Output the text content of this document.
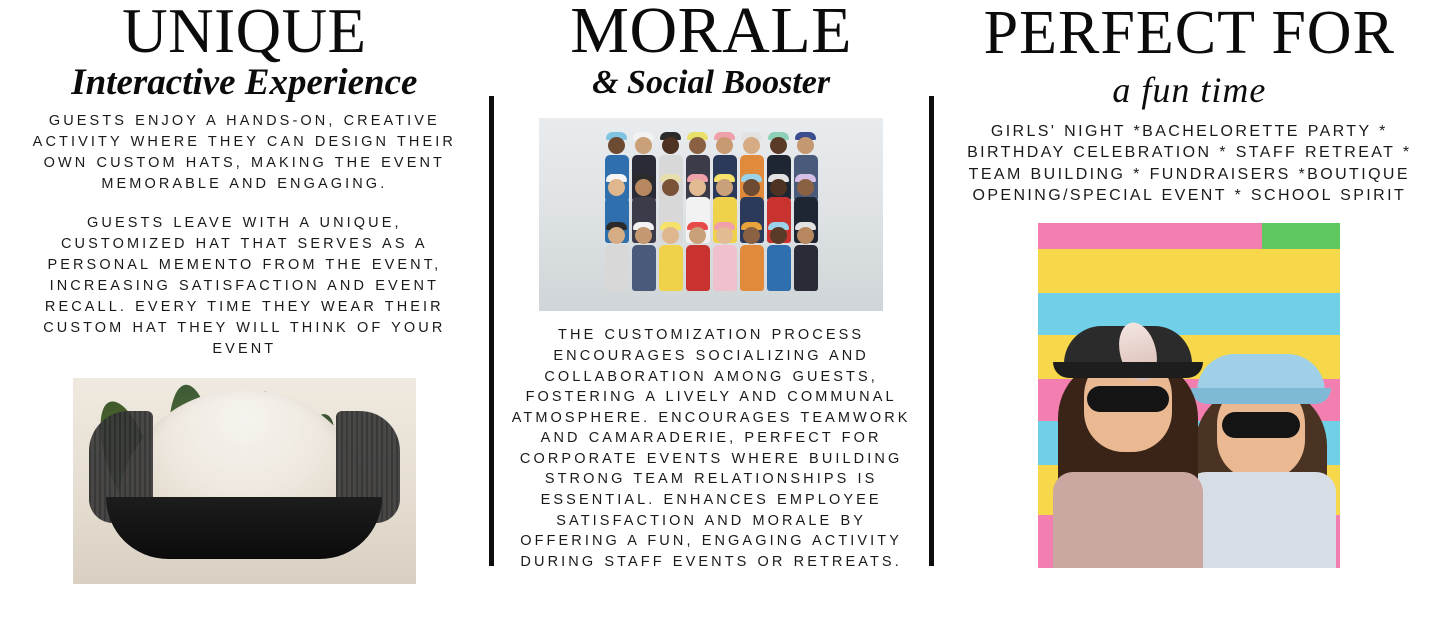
UNIQUE
Interactive Experience

GUESTS ENJOY A HANDS-ON, CREATIVE ACTIVITY WHERE THEY CAN DESIGN THEIR OWN CUSTOM HATS, MAKING THE EVENT MEMORABLE AND ENGAGING.

GUESTS LEAVE WITH A UNIQUE, CUSTOMIZED HAT THAT SERVES AS A PERSONAL MEMENTO FROM THE EVENT, INCREASING SATISFACTION AND EVENT RECALL. EVERY TIME THEY WEAR THEIR CUSTOM HAT THEY WILL THINK OF YOUR EVENT

MORALE
& Social Booster

THE CUSTOMIZATION PROCESS ENCOURAGES SOCIALIZING AND COLLABORATION AMONG GUESTS, FOSTERING A LIVELY AND COMMUNAL ATMOSPHERE. ENCOURAGES TEAMWORK AND CAMARADERIE, PERFECT FOR CORPORATE EVENTS WHERE BUILDING STRONG TEAM RELATIONSHIPS IS ESSENTIAL. ENHANCES EMPLOYEE SATISFACTION AND MORALE BY OFFERING A FUN, ENGAGING ACTIVITY DURING STAFF EVENTS OR RETREATS.

PERFECT FOR
a fun time

GIRLS' NIGHT *BACHELORETTE PARTY * BIRTHDAY CELEBRATION * STAFF RETREAT * TEAM BUILDING * FUNDRAISERS *BOUTIQUE OPENING/SPECIAL EVENT * SCHOOL SPIRIT
